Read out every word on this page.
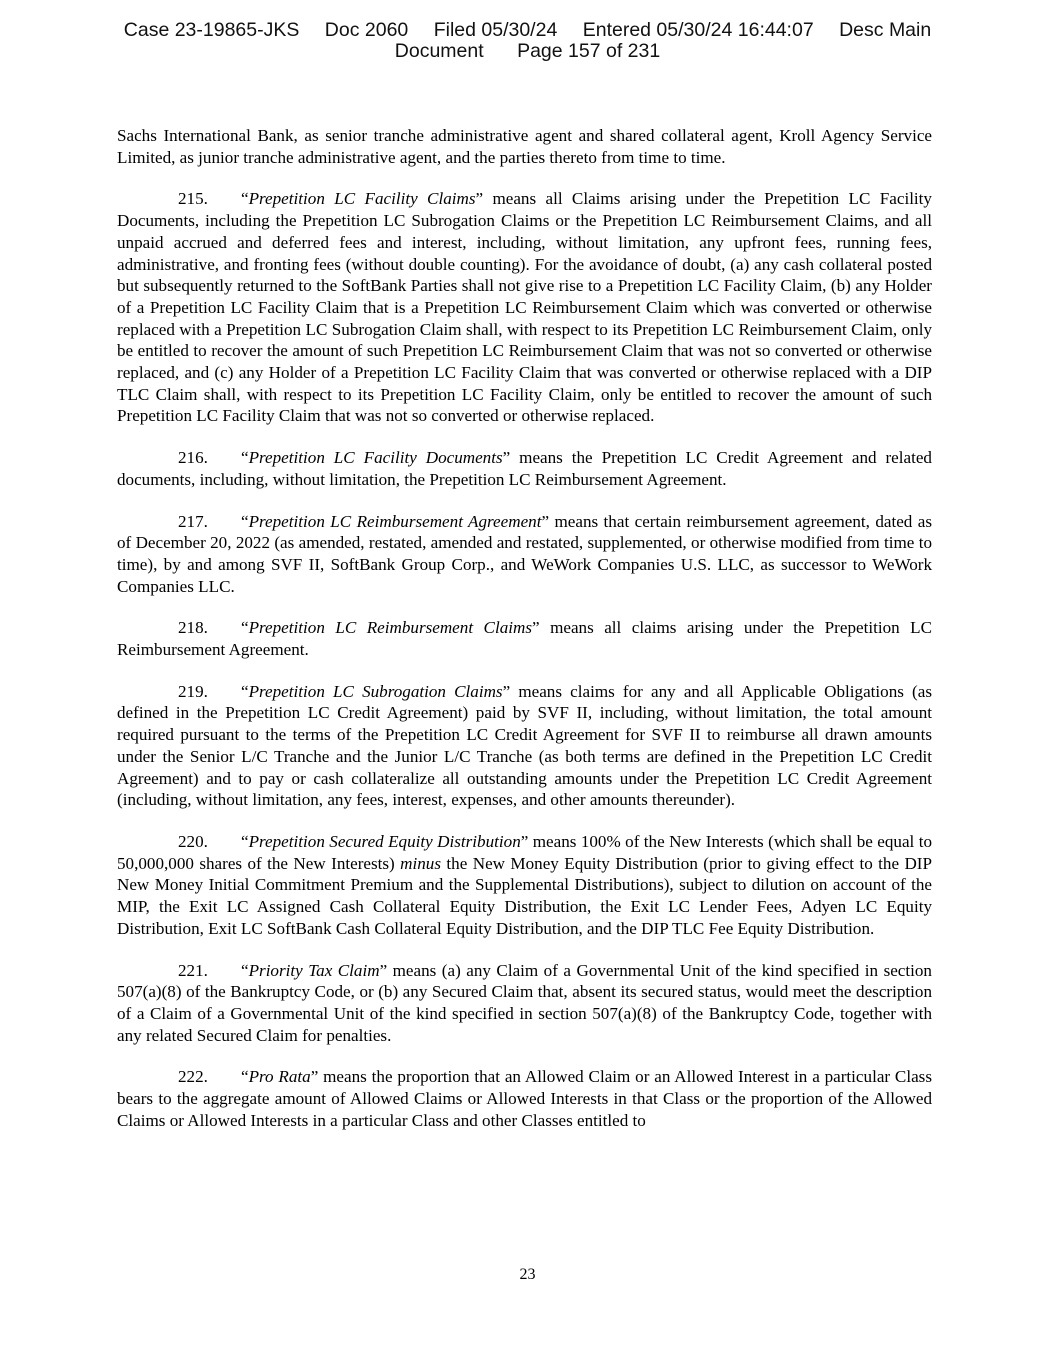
Case 23-19865-JKS Doc 2060 Filed 05/30/24 Entered 05/30/24 16:44:07 Desc Main
Document Page 157 of 231

Sachs International Bank, as senior tranche administrative agent and shared collateral agent, Kroll Agency Service Limited, as junior tranche administrative agent, and the parties thereto from time to time.

215. “Prepetition LC Facility Claims” means all Claims arising under the Prepetition LC Facility Documents, including the Prepetition LC Subrogation Claims or the Prepetition LC Reimbursement Claims, and all unpaid accrued and deferred fees and interest, including, without limitation, any upfront fees, running fees, administrative, and fronting fees (without double counting). For the avoidance of doubt, (a) any cash collateral posted but subsequently returned to the SoftBank Parties shall not give rise to a Prepetition LC Facility Claim, (b) any Holder of a Prepetition LC Facility Claim that is a Prepetition LC Reimbursement Claim which was converted or otherwise replaced with a Prepetition LC Subrogation Claim shall, with respect to its Prepetition LC Reimbursement Claim, only be entitled to recover the amount of such Prepetition LC Reimbursement Claim that was not so converted or otherwise replaced, and (c) any Holder of a Prepetition LC Facility Claim that was converted or otherwise replaced with a DIP TLC Claim shall, with respect to its Prepetition LC Facility Claim, only be entitled to recover the amount of such Prepetition LC Facility Claim that was not so converted or otherwise replaced.

216. “Prepetition LC Facility Documents” means the Prepetition LC Credit Agreement and related documents, including, without limitation, the Prepetition LC Reimbursement Agreement.

217. “Prepetition LC Reimbursement Agreement” means that certain reimbursement agreement, dated as of December 20, 2022 (as amended, restated, amended and restated, supplemented, or otherwise modified from time to time), by and among SVF II, SoftBank Group Corp., and WeWork Companies U.S. LLC, as successor to WeWork Companies LLC.

218. “Prepetition LC Reimbursement Claims” means all claims arising under the Prepetition LC Reimbursement Agreement.

219. “Prepetition LC Subrogation Claims” means claims for any and all Applicable Obligations (as defined in the Prepetition LC Credit Agreement) paid by SVF II, including, without limitation, the total amount required pursuant to the terms of the Prepetition LC Credit Agreement for SVF II to reimburse all drawn amounts under the Senior L/C Tranche and the Junior L/C Tranche (as both terms are defined in the Prepetition LC Credit Agreement) and to pay or cash collateralize all outstanding amounts under the Prepetition LC Credit Agreement (including, without limitation, any fees, interest, expenses, and other amounts thereunder).

220. “Prepetition Secured Equity Distribution” means 100% of the New Interests (which shall be equal to 50,000,000 shares of the New Interests) minus the New Money Equity Distribution (prior to giving effect to the DIP New Money Initial Commitment Premium and the Supplemental Distributions), subject to dilution on account of the MIP, the Exit LC Assigned Cash Collateral Equity Distribution, the Exit LC Lender Fees, Adyen LC Equity Distribution, Exit LC SoftBank Cash Collateral Equity Distribution, and the DIP TLC Fee Equity Distribution.

221. “Priority Tax Claim” means (a) any Claim of a Governmental Unit of the kind specified in section 507(a)(8) of the Bankruptcy Code, or (b) any Secured Claim that, absent its secured status, would meet the description of a Claim of a Governmental Unit of the kind specified in section 507(a)(8) of the Bankruptcy Code, together with any related Secured Claim for penalties.

222. “Pro Rata” means the proportion that an Allowed Claim or an Allowed Interest in a particular Class bears to the aggregate amount of Allowed Claims or Allowed Interests in that Class or the proportion of the Allowed Claims or Allowed Interests in a particular Class and other Classes entitled to

23
